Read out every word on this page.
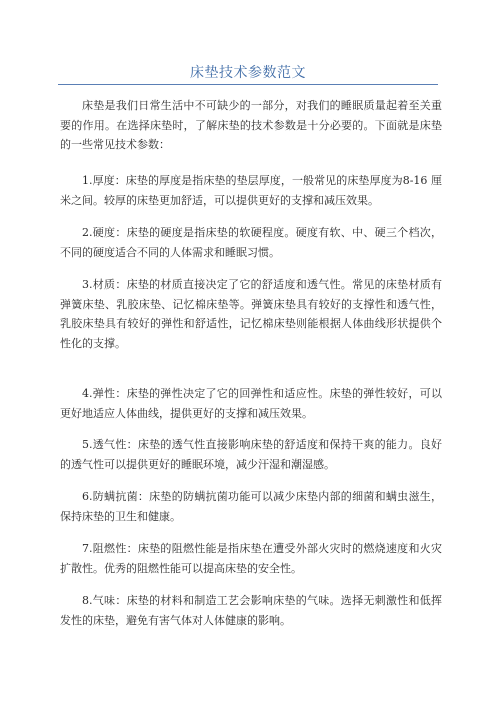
床垫技术参数范文

床垫是我们日常生活中不可缺少的一部分，对我们的睡眠质量起着至关重要的作用。在选择床垫时，了解床垫的技术参数是十分必要的。下面就是床垫的一些常见技术参数：

1.厚度：床垫的厚度是指床垫的垫层厚度，一般常见的床垫厚度为8-16 厘米之间。较厚的床垫更加舒适，可以提供更好的支撑和减压效果。

2.硬度：床垫的硬度是指床垫的软硬程度。硬度有软、中、硬三个档次，不同的硬度适合不同的人体需求和睡眠习惯。

3.材质：床垫的材质直接决定了它的舒适度和透气性。常见的床垫材质有弹簧床垫、乳胶床垫、记忆棉床垫等。弹簧床垫具有较好的支撑性和透气性，乳胶床垫具有较好的弹性和舒适性，记忆棉床垫则能根据人体曲线形状提供个性化的支撑。

4.弹性：床垫的弹性决定了它的回弹性和适应性。床垫的弹性较好，可以更好地适应人体曲线，提供更好的支撑和减压效果。

5.透气性：床垫的透气性直接影响床垫的舒适度和保持干爽的能力。良好的透气性可以提供更好的睡眠环境，减少汗湿和潮湿感。

6.防螨抗菌：床垫的防螨抗菌功能可以减少床垫内部的细菌和螨虫滋生，保持床垫的卫生和健康。

7.阻燃性：床垫的阻燃性能是指床垫在遭受外部火灾时的燃烧速度和火灾扩散性。优秀的阻燃性能可以提高床垫的安全性。

8.气味：床垫的材料和制造工艺会影响床垫的气味。选择无刺激性和低挥发性的床垫，避免有害气体对人体健康的影响。
